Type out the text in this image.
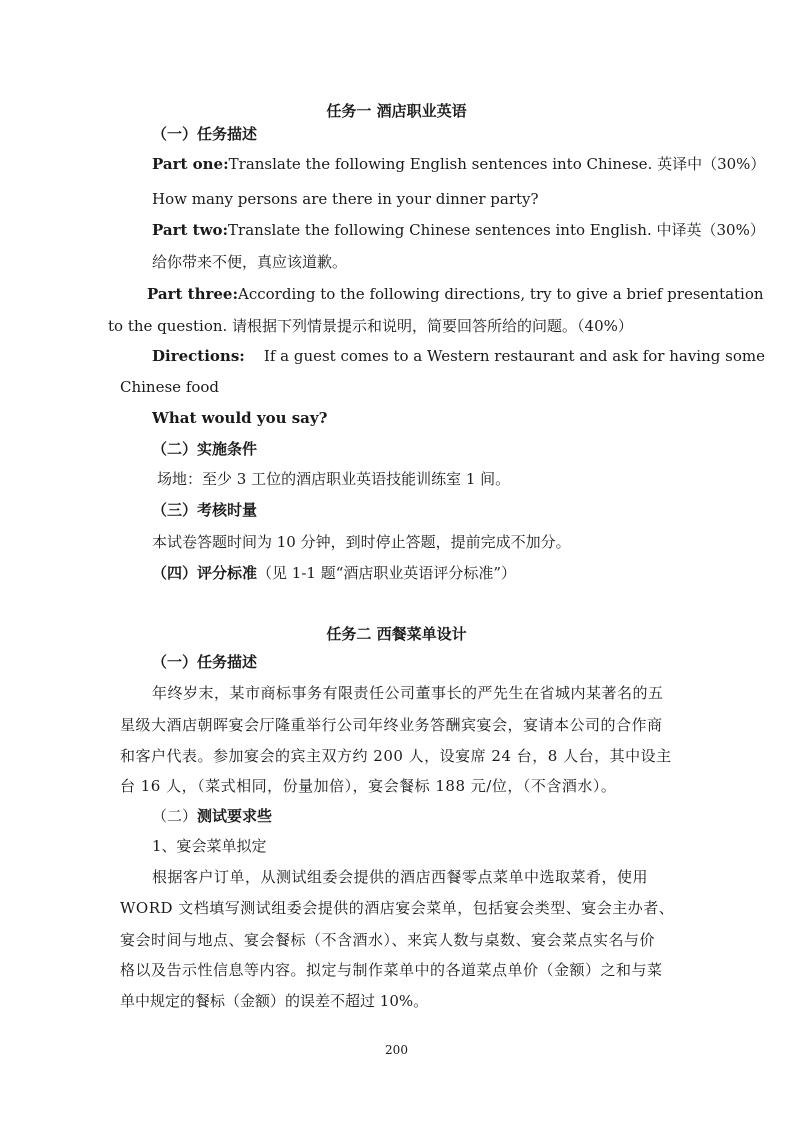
任务一 酒店职业英语
（一）任务描述
Part one:Translate the following English sentences into Chinese. 英译中（30%）
How many persons are there in your dinner party?
Part two:Translate the following Chinese sentences into English. 中译英（30%）
给你带来不便，真应该道歉。
Part three:According to the following directions, try to give a brief presentation
to the question. 请根据下列情景提示和说明，简要回答所给的问题。（40%）
Directions: If a guest comes to a Western restaurant and ask for having some
Chinese food
What would you say?
（二）实施条件
场地：至少 3 工位的酒店职业英语技能训练室 1 间。
（三）考核时量
本试卷答题时间为 10 分钟，到时停止答题，提前完成不加分。
（四）评分标准（见 1-1 题“酒店职业英语评分标准”）
任务二 西餐菜单设计
（一）任务描述
年终岁末，某市商标事务有限责任公司董事长的严先生在省城内某著名的五
星级大酒店朝晖宴会厅隆重举行公司年终业务答酬宾宴会，宴请本公司的合作商
和客户代表。参加宴会的宾主双方约 200 人，设宴席 24 台，8 人台，其中设主
台 16 人，（菜式相同，份量加倍），宴会餐标 188 元/位，（不含酒水）。
（二）测试要求些
1、宴会菜单拟定
根据客户订单，从测试组委会提供的酒店西餐零点菜单中选取菜肴，使用
WORD 文档填写测试组委会提供的酒店宴会菜单，包括宴会类型、宴会主办者、
宴会时间与地点、宴会餐标（不含酒水）、来宾人数与桌数、宴会菜点实名与价
格以及告示性信息等内容。拟定与制作菜单中的各道菜点单价（金额）之和与菜
单中规定的餐标（金额）的误差不超过 10%。
200
